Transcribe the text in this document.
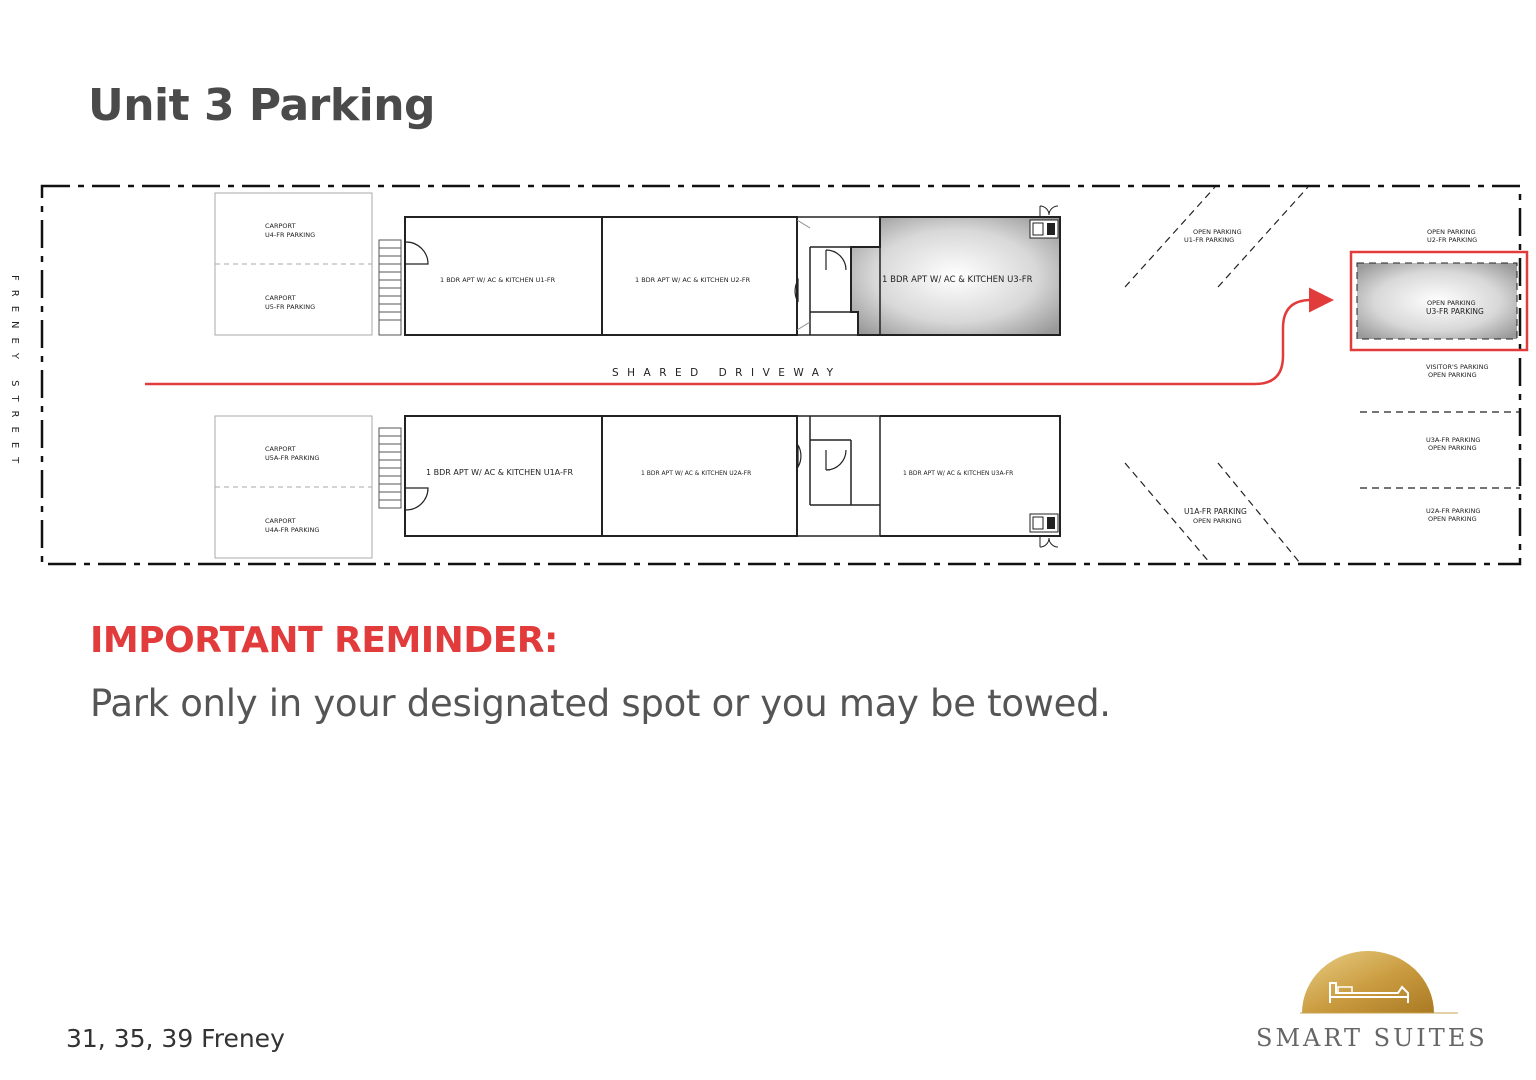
Unit 3 Parking
FRENEY STREET
CARPORT
U4-FR PARKING
CARPORT
U5-FR PARKING
CARPORT
U5A-FR PARKING
CARPORT
U4A-FR PARKING
1 BDR APT W/ AC & KITCHEN U1-FR	1 BDR APT W/ AC & KITCHEN U2-FR	1 BDR APT W/ AC & KITCHEN U3-FR
1 BDR APT W/ AC & KITCHEN U1A-FR	1 BDR APT W/ AC & KITCHEN U2A-FR	1 BDR APT W/ AC & KITCHEN U3A-FR
OPEN PARKING
U1-FR PARKING
OPEN PARKING
U2-FR PARKING
OPEN PARKING
U3-FR PARKING
VISITOR'S PARKING
OPEN PARKING
U3A-FR PARKING
OPEN PARKING
U2A-FR PARKING
OPEN PARKING
U1A-FR PARKING
OPEN PARKING
SHARED DRIVEWAY
IMPORTANT REMINDER:
Park only in your designated spot or you may be towed.
31, 35, 39 Freney	SMART SUITES
